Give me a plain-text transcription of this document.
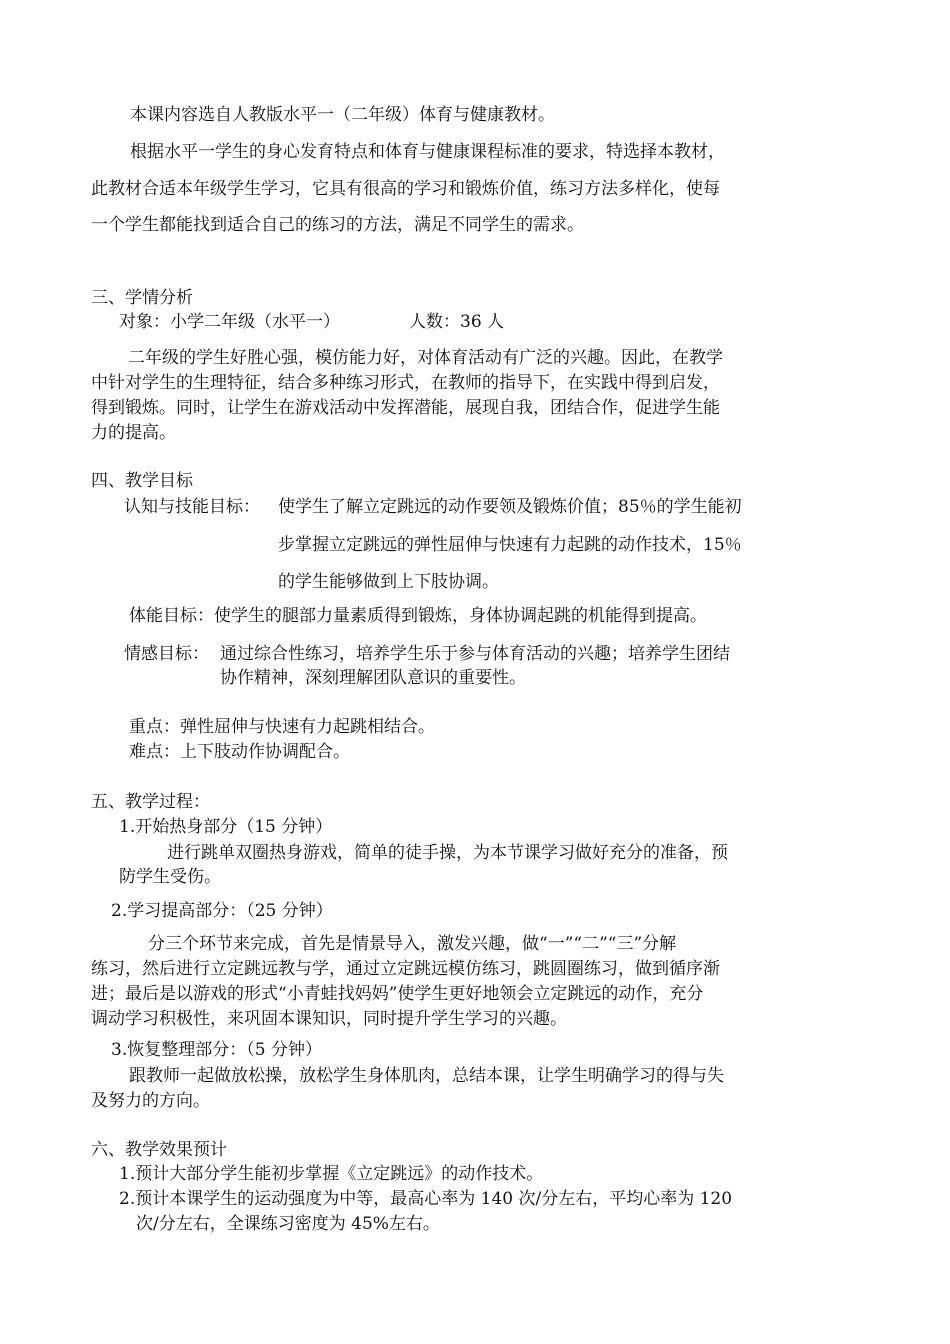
本课内容选自人教版水平一（二年级）体育与健康教材。
根据水平一学生的身心发育特点和体育与健康课程标准的要求，特选择本教材，
此教材合适本年级学生学习，它具有很高的学习和锻炼价值，练习方法多样化，使每
一个学生都能找到适合自己的练习的方法，满足不同学生的需求。
三、学情分析
对象：小学二年级（水平一）	人数：36 人
二年级的学生好胜心强，模仿能力好，对体育活动有广泛的兴趣。因此，在教学
中针对学生的生理特征，结合多种练习形式，在教师的指导下，在实践中得到启发，
得到锻炼。同时，让学生在游戏活动中发挥潜能，展现自我，团结合作，促进学生能
力的提高。
四、教学目标
认知与技能目标： 使学生了解立定跳远的动作要领及锻炼价值；85％的学生能初
步掌握立定跳远的弹性屈伸与快速有力起跳的动作技术，15％
的学生能够做到上下肢协调。
体能目标：使学生的腿部力量素质得到锻炼，身体协调起跳的机能得到提高。
情感目标： 通过综合性练习，培养学生乐于参与体育活动的兴趣；培养学生团结
协作精神，深刻理解团队意识的重要性。
重点：弹性屈伸与快速有力起跳相结合。
难点：上下肢动作协调配合。
五、教学过程：
1.开始热身部分（15 分钟）
进行跳单双圈热身游戏，简单的徒手操，为本节课学习做好充分的准备，预
防学生受伤。
2.学习提高部分：（25 分钟）
分三个环节来完成，首先是情景导入，激发兴趣，做“一”“二”“三”分解
练习，然后进行立定跳远教与学，通过立定跳远模仿练习，跳圆圈练习，做到循序渐
进；最后是以游戏的形式“小青蛙找妈妈”使学生更好地领会立定跳远的动作，充分
调动学习积极性，来巩固本课知识，同时提升学生学习的兴趣。
3.恢复整理部分：（5 分钟）
跟教师一起做放松操，放松学生身体肌肉，总结本课，让学生明确学习的得与失
及努力的方向。
六、教学效果预计
1.预计大部分学生能初步掌握《立定跳远》的动作技术。
2.预计本课学生的运动强度为中等，最高心率为 140 次/分左右，平均心率为 120
次/分左右，全课练习密度为 45%左右。
